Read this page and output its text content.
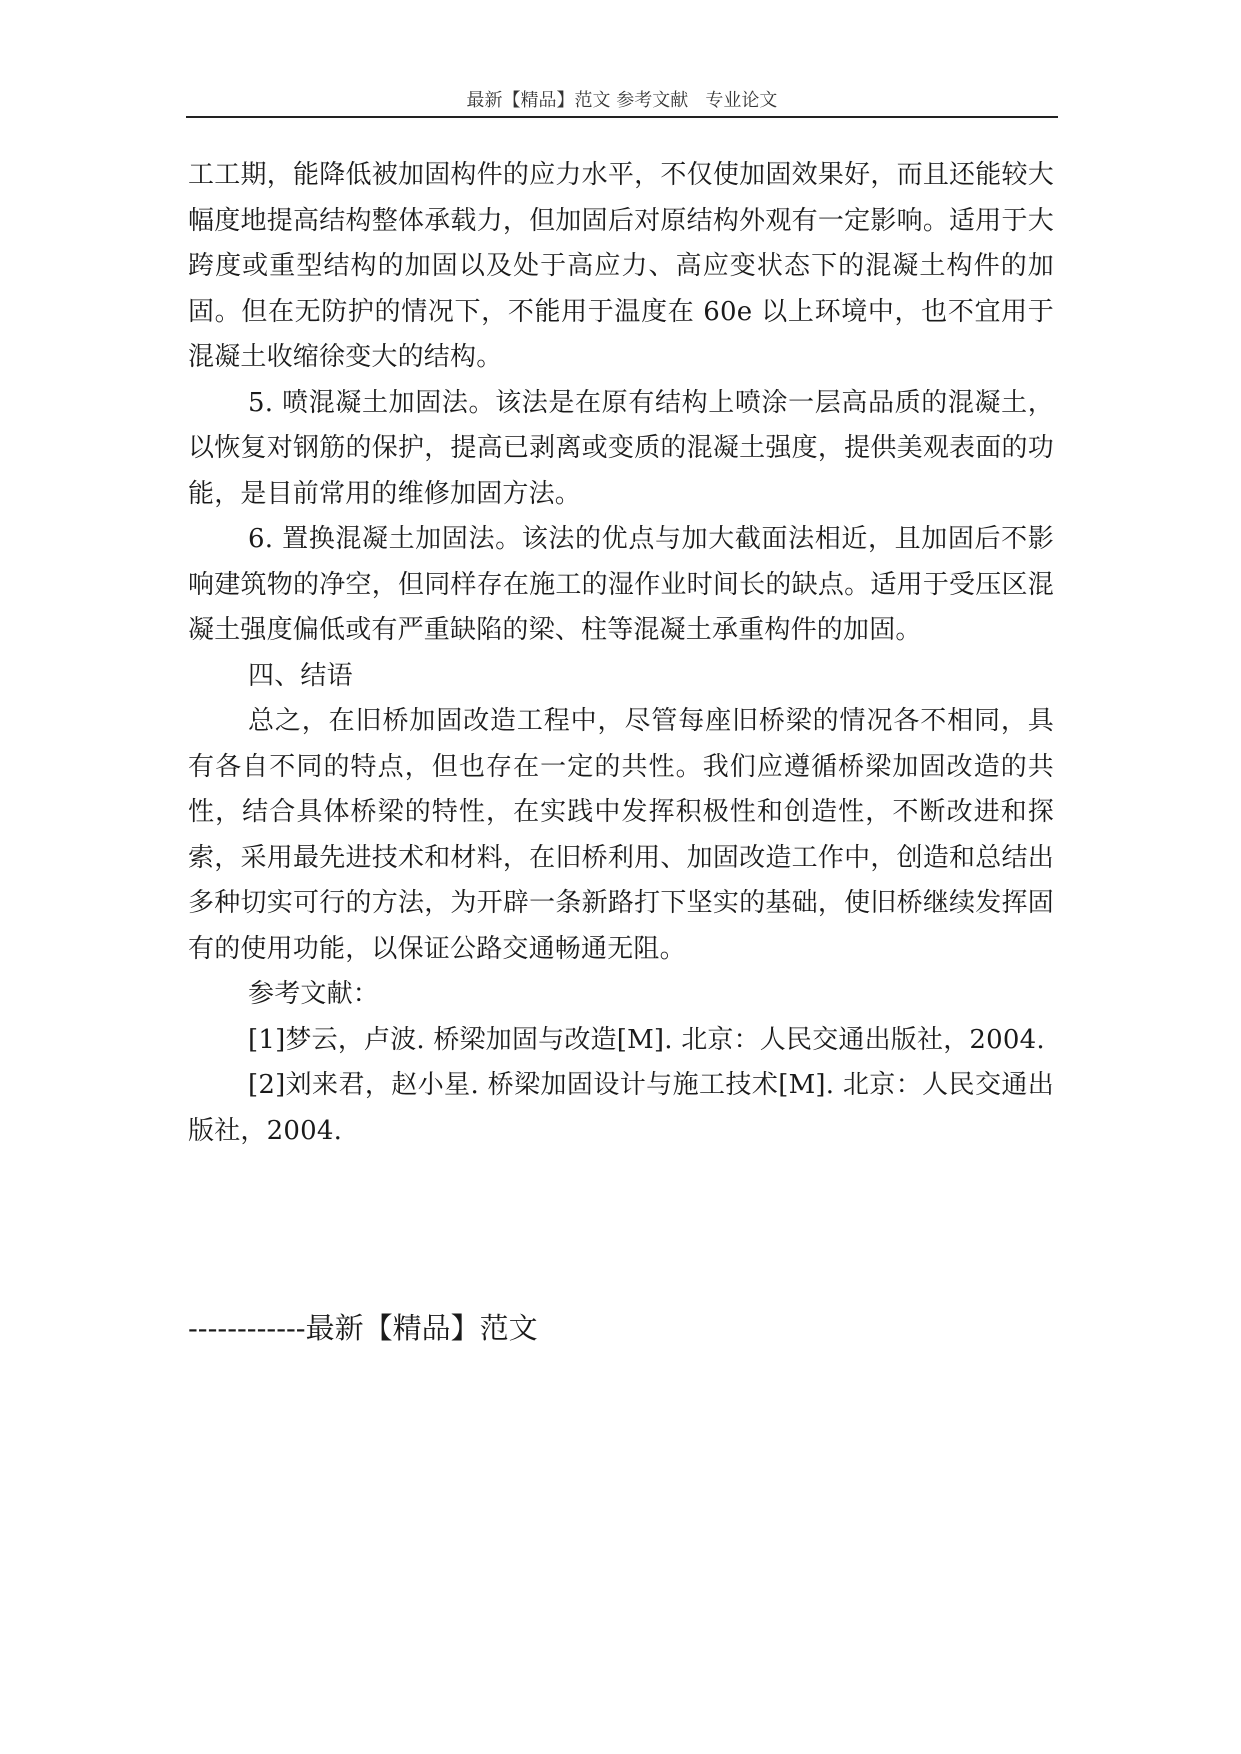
最新【精品】范文 参考文献   专业论文

工工期，能降低被加固构件的应力水平，不仅使加固效果好，而且还能较大幅度地提高结构整体承载力，但加固后对原结构外观有一定影响。适用于大跨度或重型结构的加固以及处于高应力、高应变状态下的混凝土构件的加固。但在无防护的情况下，不能用于温度在 60e 以上环境中，也不宜用于混凝土收缩徐变大的结构。

5. 喷混凝土加固法。该法是在原有结构上喷涂一层高品质的混凝土，以恢复对钢筋的保护，提高已剥离或变质的混凝土强度，提供美观表面的功能，是目前常用的维修加固方法。

6. 置换混凝土加固法。该法的优点与加大截面法相近，且加固后不影响建筑物的净空，但同样存在施工的湿作业时间长的缺点。适用于受压区混凝土强度偏低或有严重缺陷的梁、柱等混凝土承重构件的加固。

四、结语

总之，在旧桥加固改造工程中，尽管每座旧桥梁的情况各不相同，具有各自不同的特点，但也存在一定的共性。我们应遵循桥梁加固改造的共性，结合具体桥梁的特性，在实践中发挥积极性和创造性，不断改进和探索，采用最先进技术和材料，在旧桥利用、加固改造工作中，创造和总结出多种切实可行的方法，为开辟一条新路打下坚实的基础，使旧桥继续发挥固有的使用功能，以保证公路交通畅通无阻。

参考文献：

[1]梦云，卢波. 桥梁加固与改造[M]. 北京：人民交通出版社，2004.

[2]刘来君，赵小星. 桥梁加固设计与施工技术[M]. 北京：人民交通出版社，2004.

------------最新【精品】范文
